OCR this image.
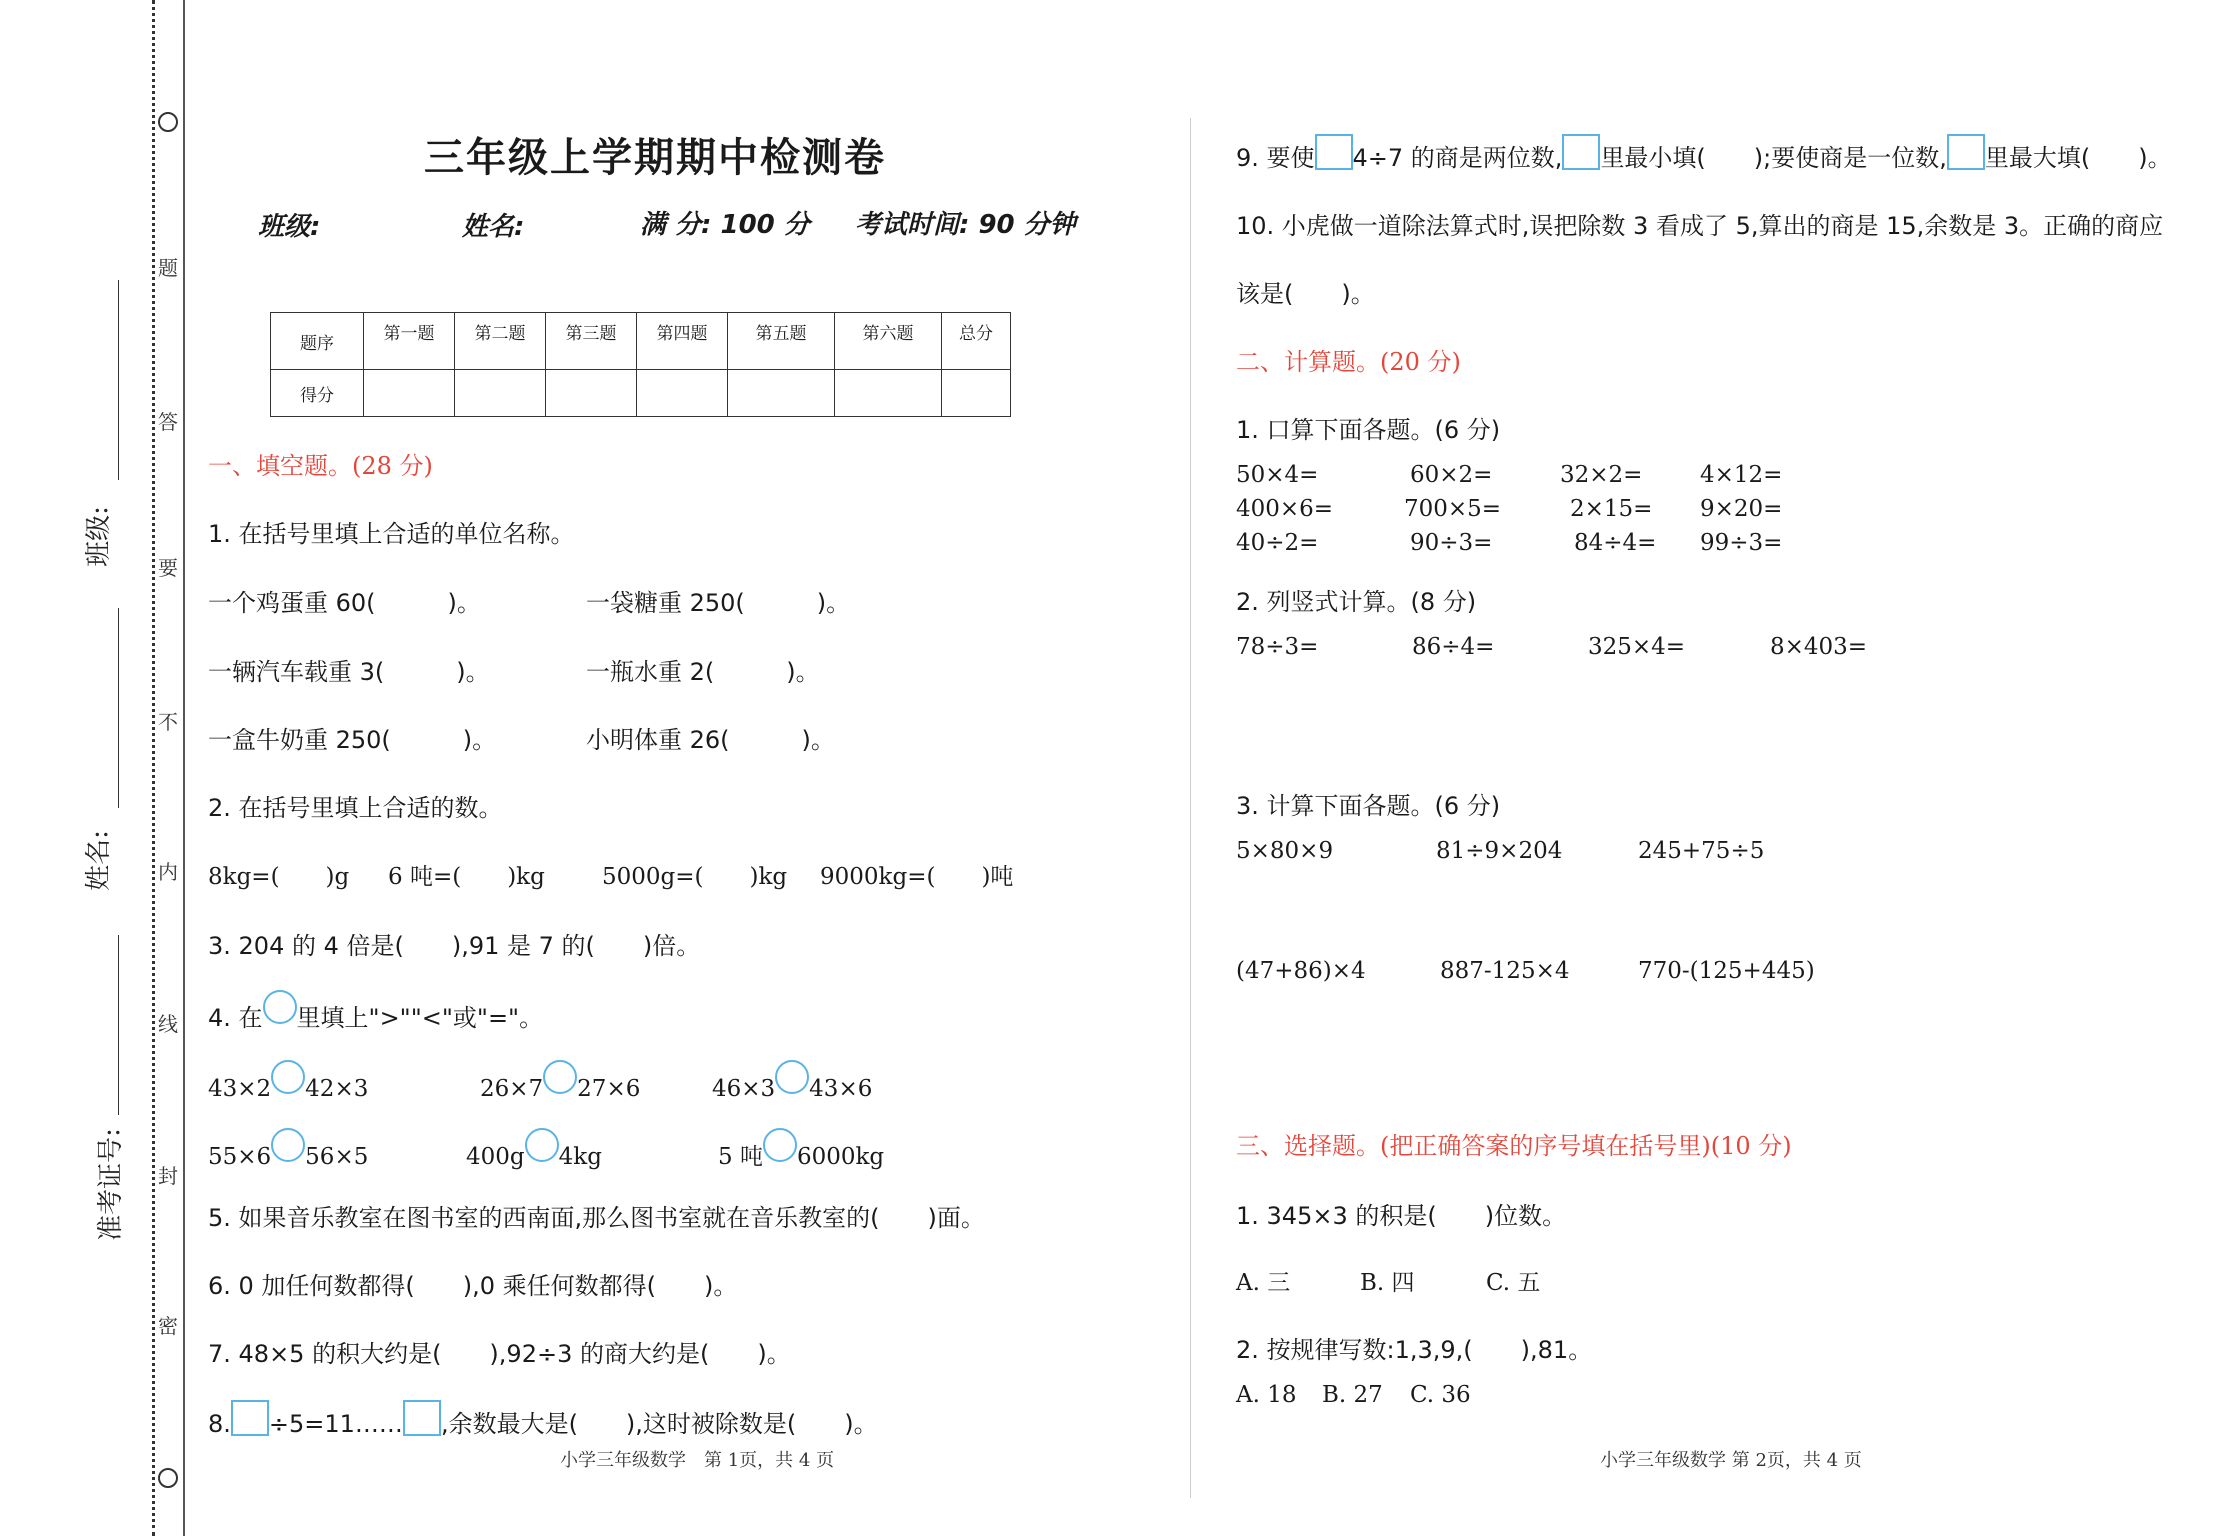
题
答
要
不
内
线
封
密
班级:
姓名:
准考证号:
三年级上学期期中检测卷
班级:	姓名:	满 分: 100 分 考试时间: 90 分钟
题序	第一题	第二题	第三题	第四题	第五题	第六题	总分
得分							
一、填空题。(28 分)
1. 在括号里填上合适的单位名称。
一个鸡蛋重 60(　　　)。	一袋糖重 250(　　　)。
一辆汽车载重 3(　　　)。	一瓶水重 2(　　　)。
一盒牛奶重 250(　　　)。	小明体重 26(　　　)。
2. 在括号里填上合适的数。
8kg=(　　)g 6 吨=(　　)kg 5000g=(　　)kg 9000kg=(　　)吨
3. 204 的 4 倍是(　　),91 是 7 的(　　)倍。
4. 在 里填上">""<"或"="。
43×2 42×3	26×7 27×6	46×3 43×6
55×6 56×5	400g 4kg	5 吨 6000kg
5. 如果音乐教室在图书室的西南面,那么图书室就在音乐教室的(　　)面。
6. 0 加任何数都得(　　),0 乘任何数都得(　　)。
7. 48×5 的积大约是(　　),92÷3 的商大约是(　　)。
8. ÷5=11…… ,余数最大是(　　),这时被除数是(　　)。
小学三年级数学　第 1页，共 4 页
9. 要使 4÷7 的商是两位数, 里最小填(　　);要使商是一位数, 里最大填(　　)。
10. 小虎做一道除法算式时,误把除数 3 看成了 5,算出的商是 15,余数是 3。正确的商应
该是(　　)。
二、计算题。(20 分)
1. 口算下面各题。(6 分)
50×4=	60×2=	32×2=	4×12=
400×6=	700×5=	2×15= 9×20=
40÷2=	90÷3=	84÷4= 99÷3=
2. 列竖式计算。(8 分)
78÷3=	86÷4=	325×4=	8×403=
3. 计算下面各题。(6 分)
5×80×9	81÷9×204	245+75÷5
(47+86)×4	887-125×4	770-(125+445)
三、选择题。(把正确答案的序号填在括号里)(10 分)
1. 345×3 的积是(　　)位数。
A. 三	B. 四	C. 五
2. 按规律写数:1,3,9,(　　),81。
A. 18 B. 27 C. 36
小学三年级数学 第 2页，共 4 页
